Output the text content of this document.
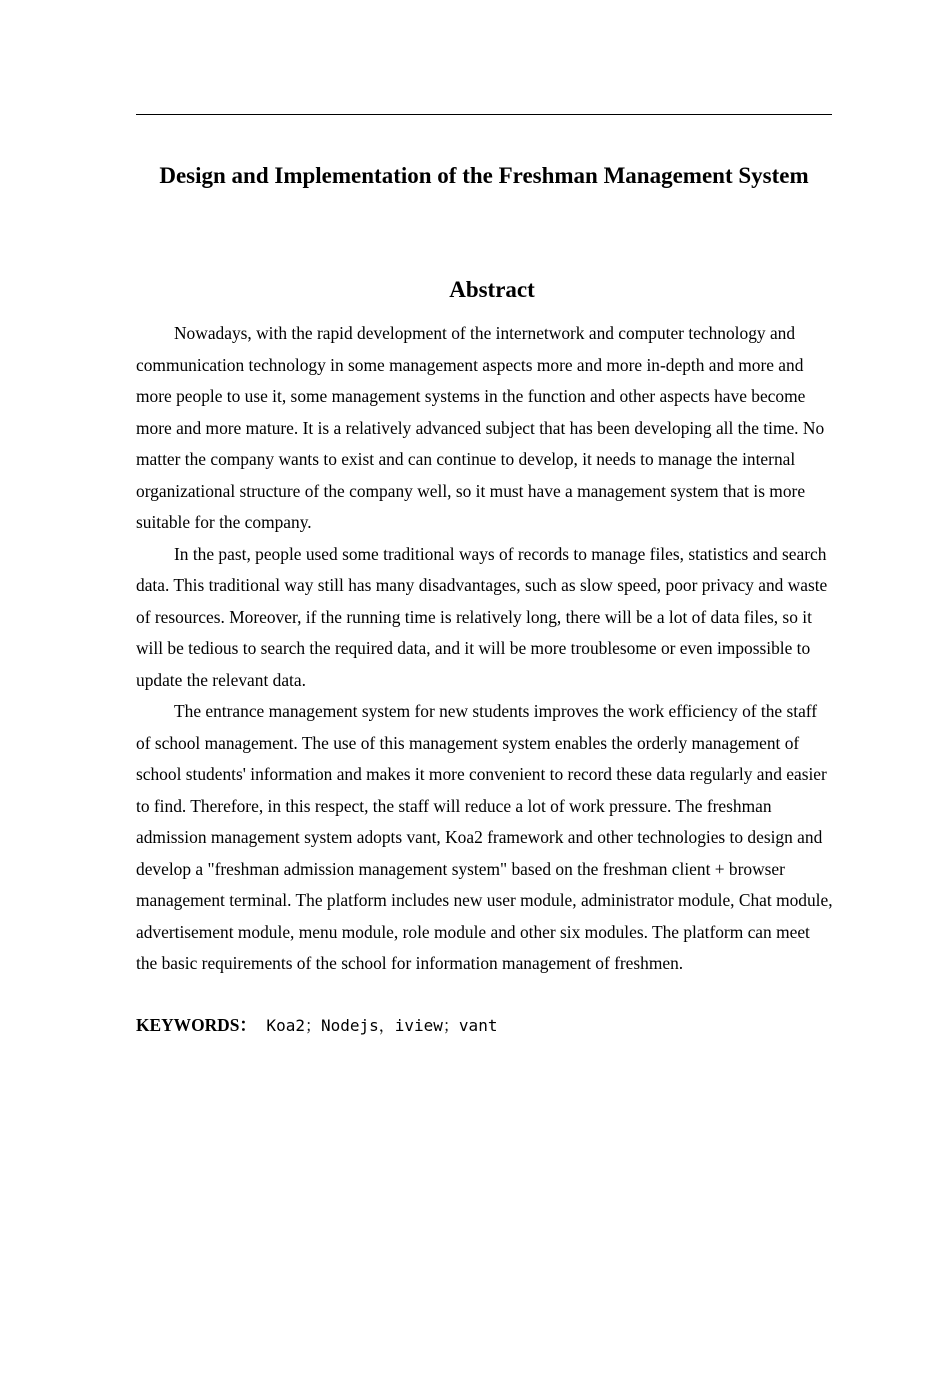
Design and Implementation of the Freshman Management System
Abstract

Nowadays, with the rapid development of the internetwork and computer technology and communication technology in some management aspects more and more in-depth and more and more people to use it, some management systems in the function and other aspects have become more and more mature. It is a relatively advanced subject that has been developing all the time. No matter the company wants to exist and can continue to develop, it needs to manage the internal organizational structure of the company well, so it must have a management system that is more suitable for the company.

In the past, people used some traditional ways of records to manage files, statistics and search data. This traditional way still has many disadvantages, such as slow speed, poor privacy and waste of resources. Moreover, if the running time is relatively long, there will be a lot of data files, so it will be tedious to search the required data, and it will be more troublesome or even impossible to update the relevant data.

The entrance management system for new students improves the work efficiency of the staff of school management. The use of this management system enables the orderly management of school students' information and makes it more convenient to record these data regularly and easier to find. Therefore, in this respect, the staff will reduce a lot of work pressure. The freshman admission management system adopts vant, Koa2 framework and other technologies to design and develop a "freshman admission management system" based on the freshman client + browser management terminal. The platform includes new user module, administrator module, Chat module, advertisement module, menu module, role module and other six modules. The platform can meet the basic requirements of the school for information management of freshmen.

KEYWORDS： Koa2；Nodejs，iview；vant
